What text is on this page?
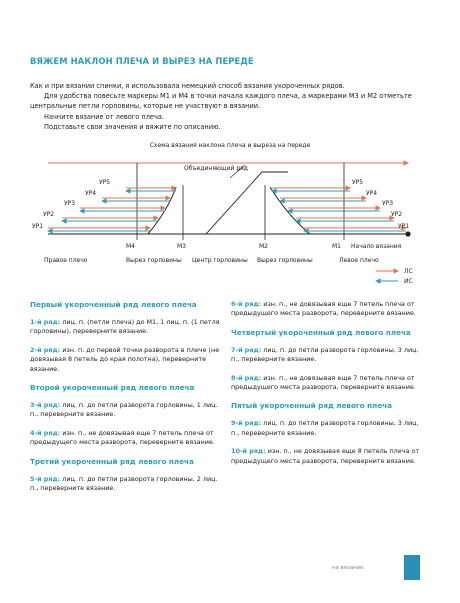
ВЯЖЕМ НАКЛОН ПЛЕЧА И ВЫРЕЗ НА ПЕРЕДЕ

Как и при вязании спинки, я использовала немецкий способ вязания укороченных рядов.

Для удобства повесьте маркеры М1 и М4 в точки начала каждого плеча, а маркерами М3 и М2 отметьте центральные петли горловины, которые не участвуют в вязании.

Начните вязание от левого плеча.

Подставьте свои значения и вяжите по описанию.

Схема вязания наклона плеча и выреза на переде
Объединяющий ряд
УР5
УР4
УР3
УР2
УР1
УР5
УР4
УР3
УР2
УР1
М4	М3	М2	М1 Начало вязания
Правое плечо	Вырез горловины Центр горловины Вырез горловины	Левое плечо
ЛС
ИС
Первый укороченный ряд левого плеча
1-й ряд: лиц. п. (петли плеча) до М1, 1 лиц. п. (1 петля горловины), переверните вязание.
2-й ряд: изн. п. до первой точки разворота в плече (не довязывая 8 петель до края полотна), переверните вязание.
Второй укороченный ряд левого плеча
3-й ряд: лиц. п. до петли разворота горловины, 1 лиц. п., переверните вязание.
4-й ряд: изн. п., не довязывая еще 7 петель плеча от предыдущего места разворота, переверните вязание.
Третий укороченный ряд левого плеча
5-й ряд: лиц. п. до петли разворота горловины, 2 лиц. п., переверните вязание.
6-й ряд: изн. п., не довязывая еще 7 петель плеча от предыдущего места разворота, переверните вязание.
Четвертый укороченный ряд левого плеча
7-й ряд: лиц. п. до петли разворота горловины, 3 лиц. п., переверните вязание.
8-й ряд: изн. п., не довязывая еще 7 петель плеча от предыдущего места разворота, переверните вязание.
Пятый укороченный ряд левого плеча
9-й ряд: лиц. п. до петли разворота горловины, 3 лиц. п., переверните вязание.
10-й ряд: изн. п., не довязывая еще 8 петель плеча от предыдущего места разворота, переверните вязание.
на вязание
